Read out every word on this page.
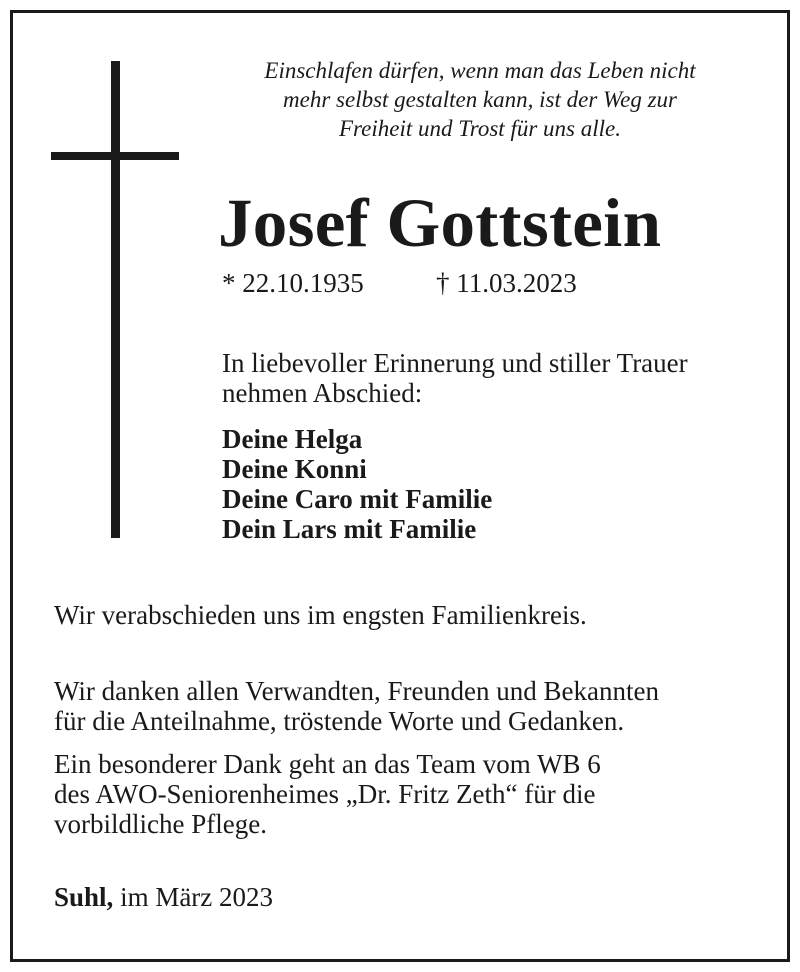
Einschlafen dürfen, wenn man das Leben nicht
mehr selbst gestalten kann, ist der Weg zur
Freiheit und Trost für uns alle.
Josef Gottstein
* 22.10.1935	† 11.03.2023
In liebevoller Erinnerung und stiller Trauer
nehmen Abschied:
Deine Helga
Deine Konni
Deine Caro mit Familie
Dein Lars mit Familie
Wir verabschieden uns im engsten Familienkreis.
Wir danken allen Verwandten, Freunden und Bekannten
für die Anteilnahme, tröstende Worte und Gedanken.
Ein besonderer Dank geht an das Team vom WB 6
des AWO-Seniorenheimes „Dr. Fritz Zeth“ für die
vorbildliche Pflege.
Suhl, im März 2023
